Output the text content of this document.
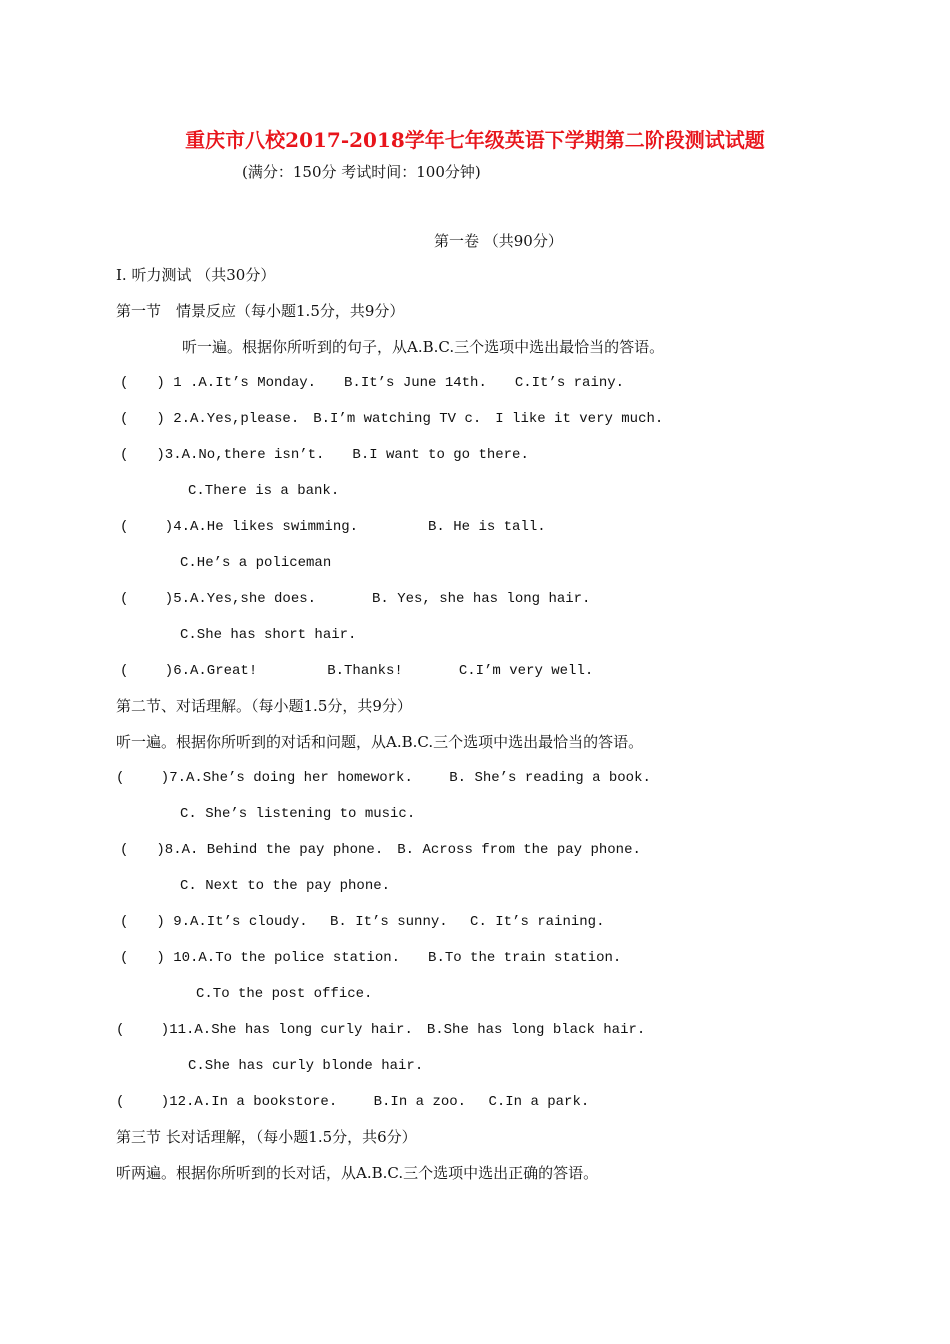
重庆市八校2017-2018学年七年级英语下学期第二阶段测试试题
(满分：150分 考试时间：100分钟)
第一卷 （共90分）
Ⅰ. 听力测试 （共30分）
第一节　情景反应（每小题1.5分，共9分）
听一遍。根据你所听到的句子，从A.B.C.三个选项中选出最恰当的答语。
(　　) 1 .A.It’s Monday.　　B.It’s June 14th.　　C.It’s rainy.
(　　) 2.A.Yes,please.　B.I’m watching TV c.　I like it very much.
(　　)3.A.No,there isn’t.　　B.I want to go there.
C.There is a bank.
(　　 )4.A.He likes swimming.　　　　　B. He is tall.
C.He’s a policeman
(　　 )5.A.Yes,she does.　　　　B. Yes, she has long hair.
C.She has short hair.
(　　 )6.A.Great!　　　　　B.Thanks!　　　　C.I’m very well.
第二节、对话理解。（每小题1.5分，共9分）
听一遍。根据你所听到的对话和问题，从A.B.C.三个选项中选出最恰当的答语。
(　　 )7.A.She’s doing her homework.　　 B. She’s reading a book.
C. She’s listening to music.
(　　)8.A. Behind the pay phone.　B. Across from the pay phone.
C. Next to the pay phone.
(　　) 9.A.It’s cloudy.　 B. It’s sunny.　 C. It’s raining.
(　　) 10.A.To the police station.　　B.To the train station.
C.To the post office.
(　　 )11.A.She has long curly hair.　B.She has long black hair.
C.She has curly blonde hair.
(　　 )12.A.In a bookstore.　　 B.In a zoo.　 C.In a park.
第三节 长对话理解，（每小题1.5分，共6分）
听两遍。根据你所听到的长对话，从A.B.C.三个选项中选出正确的答语。
